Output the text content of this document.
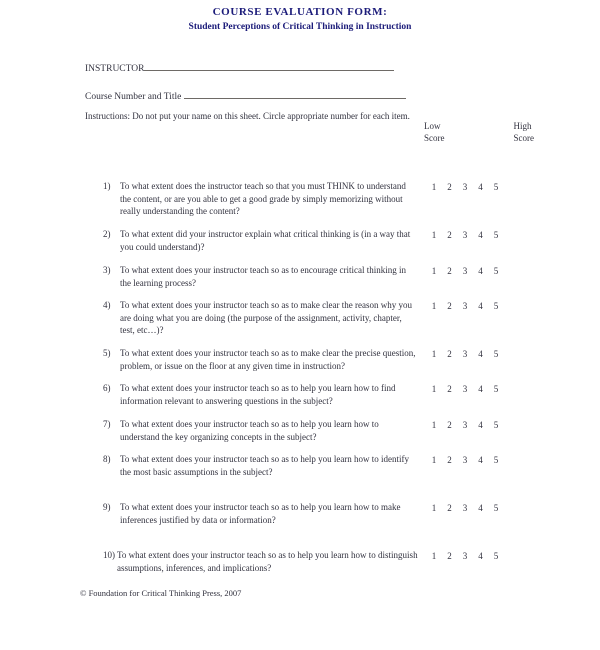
COURSE EVALUATION FORM:
Student Perceptions of Critical Thinking in Instruction
INSTRUCTOR
Course Number and Title
Instructions: Do not put your name on this sheet. Circle appropriate number for each item.
Low
Score
High
Score
1) To what extent does the instructor teach so that you must THINK to understand the content, or are you able to get a good grade by simply memorizing without really understanding the content?
1 2 3 4 5
2) To what extent did your instructor explain what critical thinking is (in a way that you could understand)?
1 2 3 4 5
3) To what extent does your instructor teach so as to encourage critical thinking in the learning process?
1 2 3 4 5
4) To what extent does your instructor teach so as to make clear the reason why you are doing what you are doing (the purpose of the assignment, activity, chapter, test, etc…)?
1 2 3 4 5
5) To what extent does your instructor teach so as to make clear the precise question, problem, or issue on the floor at any given time in instruction?
1 2 3 4 5
6) To what extent does your instructor teach so as to help you learn how to find information relevant to answering questions in the subject?
1 2 3 4 5
7) To what extent does your instructor teach so as to help you learn how to understand the key organizing concepts in the subject?
1 2 3 4 5
8) To what extent does your instructor teach so as to help you learn how to identify the most basic assumptions in the subject?
1 2 3 4 5
9) To what extent does your instructor teach so as to help you learn how to make inferences justified by data or information?
1 2 3 4 5
10) To what extent does your instructor teach so as to help you learn how to distinguish assumptions, inferences, and implications?
1 2 3 4 5
© Foundation for Critical Thinking Press, 2007
